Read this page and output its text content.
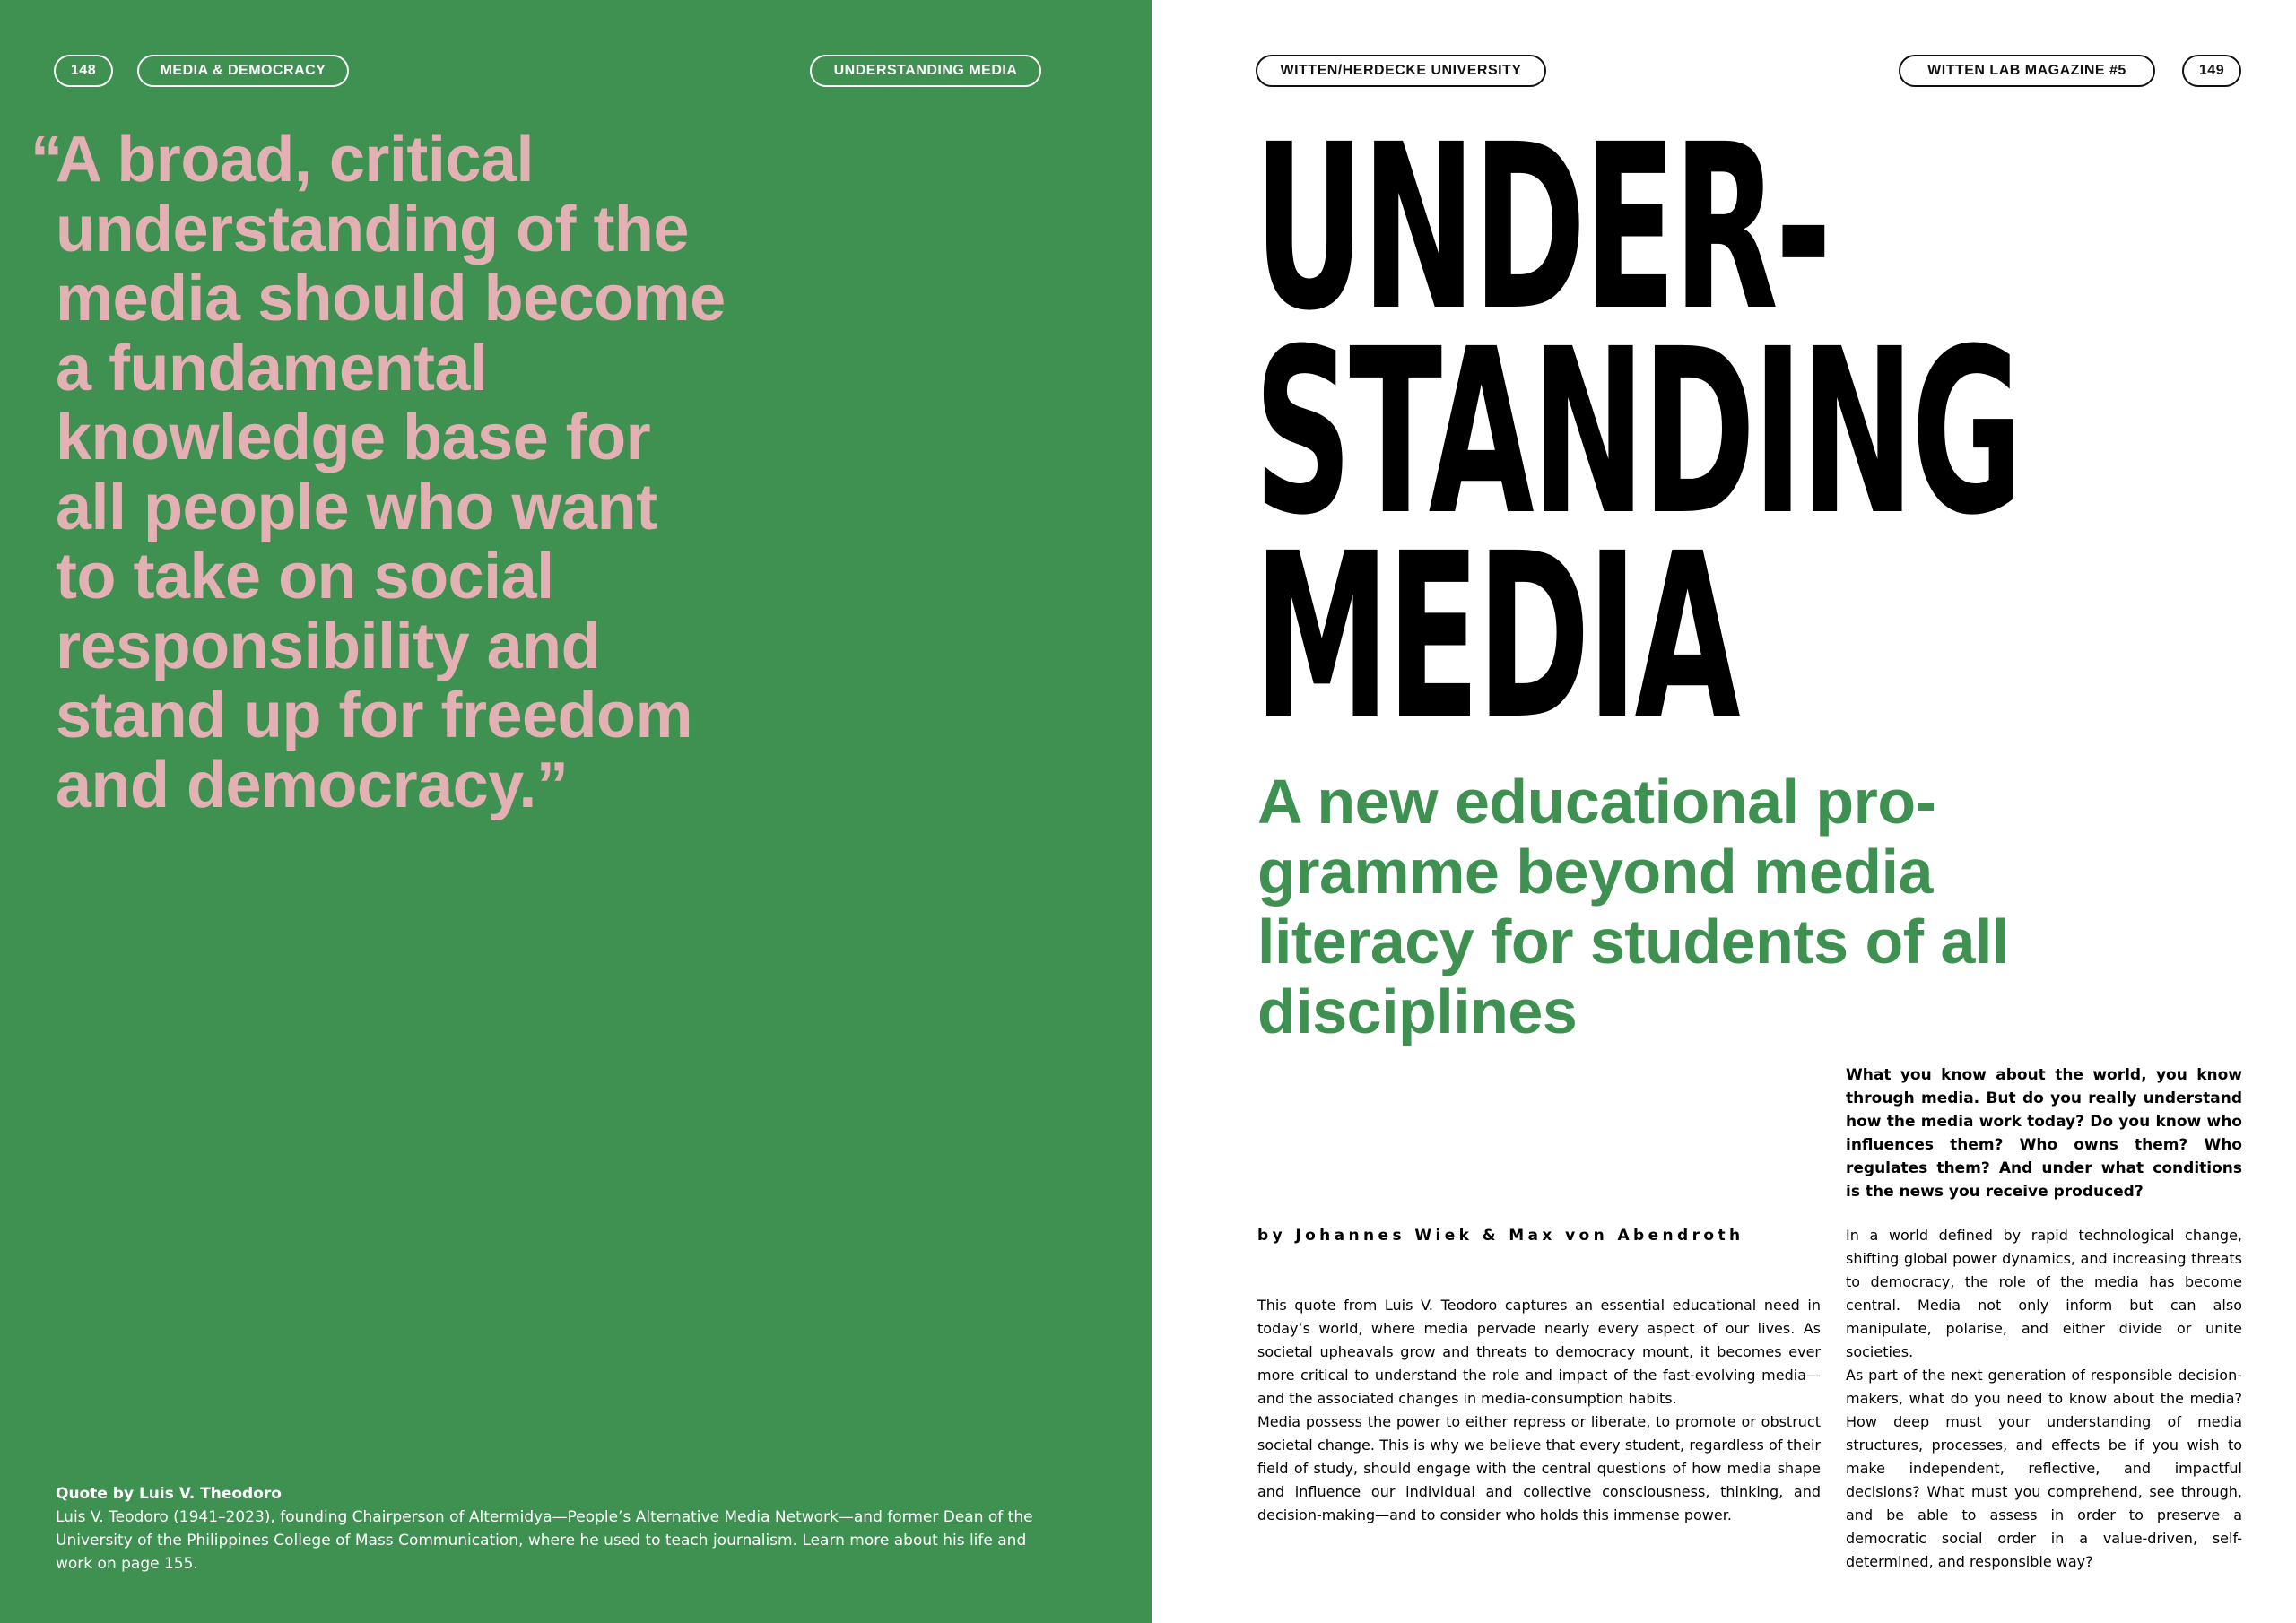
148	MEDIA & DEMOCRACY	UNDERSTANDING MEDIA
“
A broad, critical
understanding of the
media should become
a fundamental
knowledge base for
all people who want
to take on social
responsibility and
stand up for freedom
and democracy.”
Quote by Luis V. Theodoro
Luis V. Teodoro (1941–2023), founding Chairperson of Altermidya—People’s Alternative Media Network—and former Dean of the University of the Philippines College of Mass Communication, where he used to teach journalism. Learn more about his life and work on page 155.
WITTEN/HERDECKE UNIVERSITY	WITTEN LAB MAGAZINE #5	149
UNDER-
STANDING
MEDIA
A new educational pro-gramme beyond media literacy for students of all disciplines
What you know about the world, you know through media. But do you really understand how the media work today? Do you know who influences them? Who owns them? Who regulates them? And under what conditions is the news you receive produced?
by Johannes Wiek & Max von Abendroth

This quote from Luis V. Teodoro captures an essential educational need in today’s world, where media pervade nearly every aspect of our lives. As societal upheavals grow and threats to democracy mount, it becomes ever more critical to understand the role and impact of the fast-evolving media—and the associated changes in media-consumption habits.

Media possess the power to either repress or liberate, to promote or obstruct societal change. This is why we believe that every student, regardless of their field of study, should engage with the central questions of how media shape and influence our individual and collective consciousness, thinking, and decision-making—and to consider who holds this immense power.

In a world defined by rapid technological change, shifting global power dynamics, and increasing threats to democracy, the role of the media has become central. Media not only inform but can also manipulate, polarise, and either divide or unite societies.

As part of the next generation of responsible decision-makers, what do you need to know about the media? How deep must your understanding of media structures, processes, and effects be if you wish to make independent, reflective, and impactful decisions? What must you comprehend, see through, and be able to assess in order to preserve a democratic social order in a value-driven, self-determined, and responsible way?
